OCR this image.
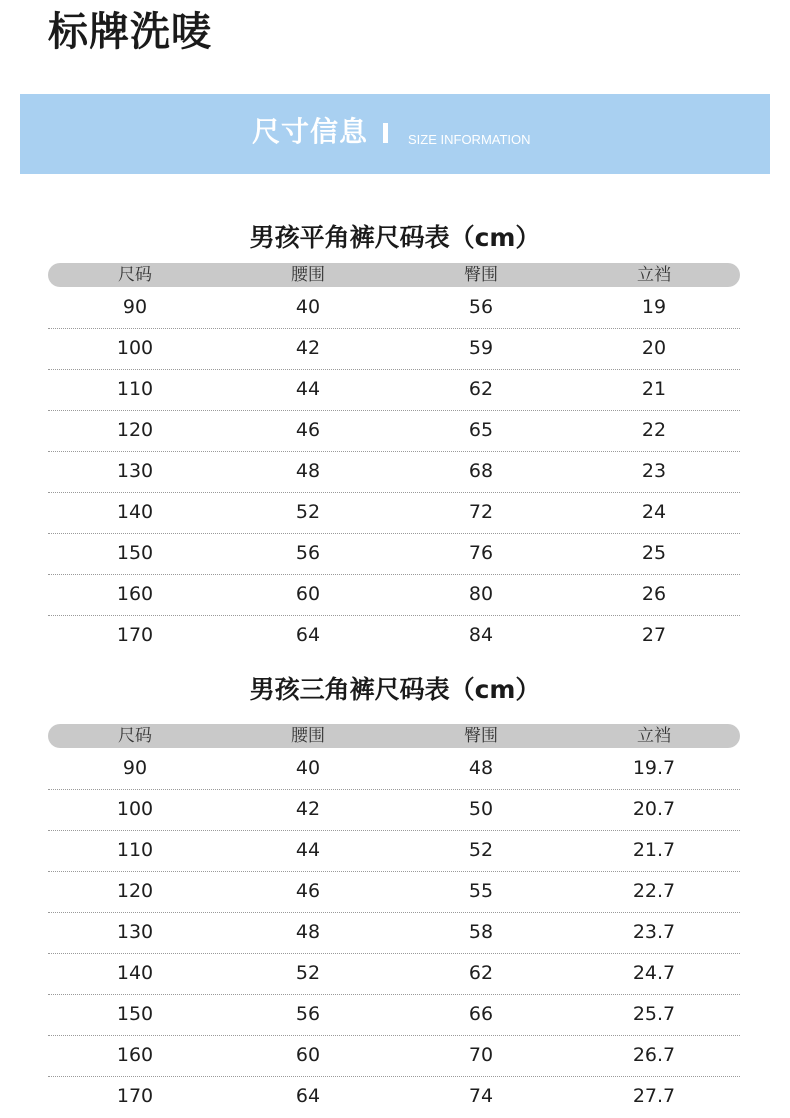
标牌洗唛
尺寸信息	SIZE INFORMATION
男孩平角裤尺码表（cm）
尺码	腰围	臀围	立裆
90	40	56	19
100	42	59	20
110	44	62	21
120	46	65	22
130	48	68	23
140	52	72	24
150	56	76	25
160	60	80	26
170	64	84	27
男孩三角裤尺码表（cm）
尺码	腰围	臀围	立裆
90	40	48	19.7
100	42	50	20.7
110	44	52	21.7
120	46	55	22.7
130	48	58	23.7
140	52	62	24.7
150	56	66	25.7
160	60	70	26.7
170	64	74	27.7
